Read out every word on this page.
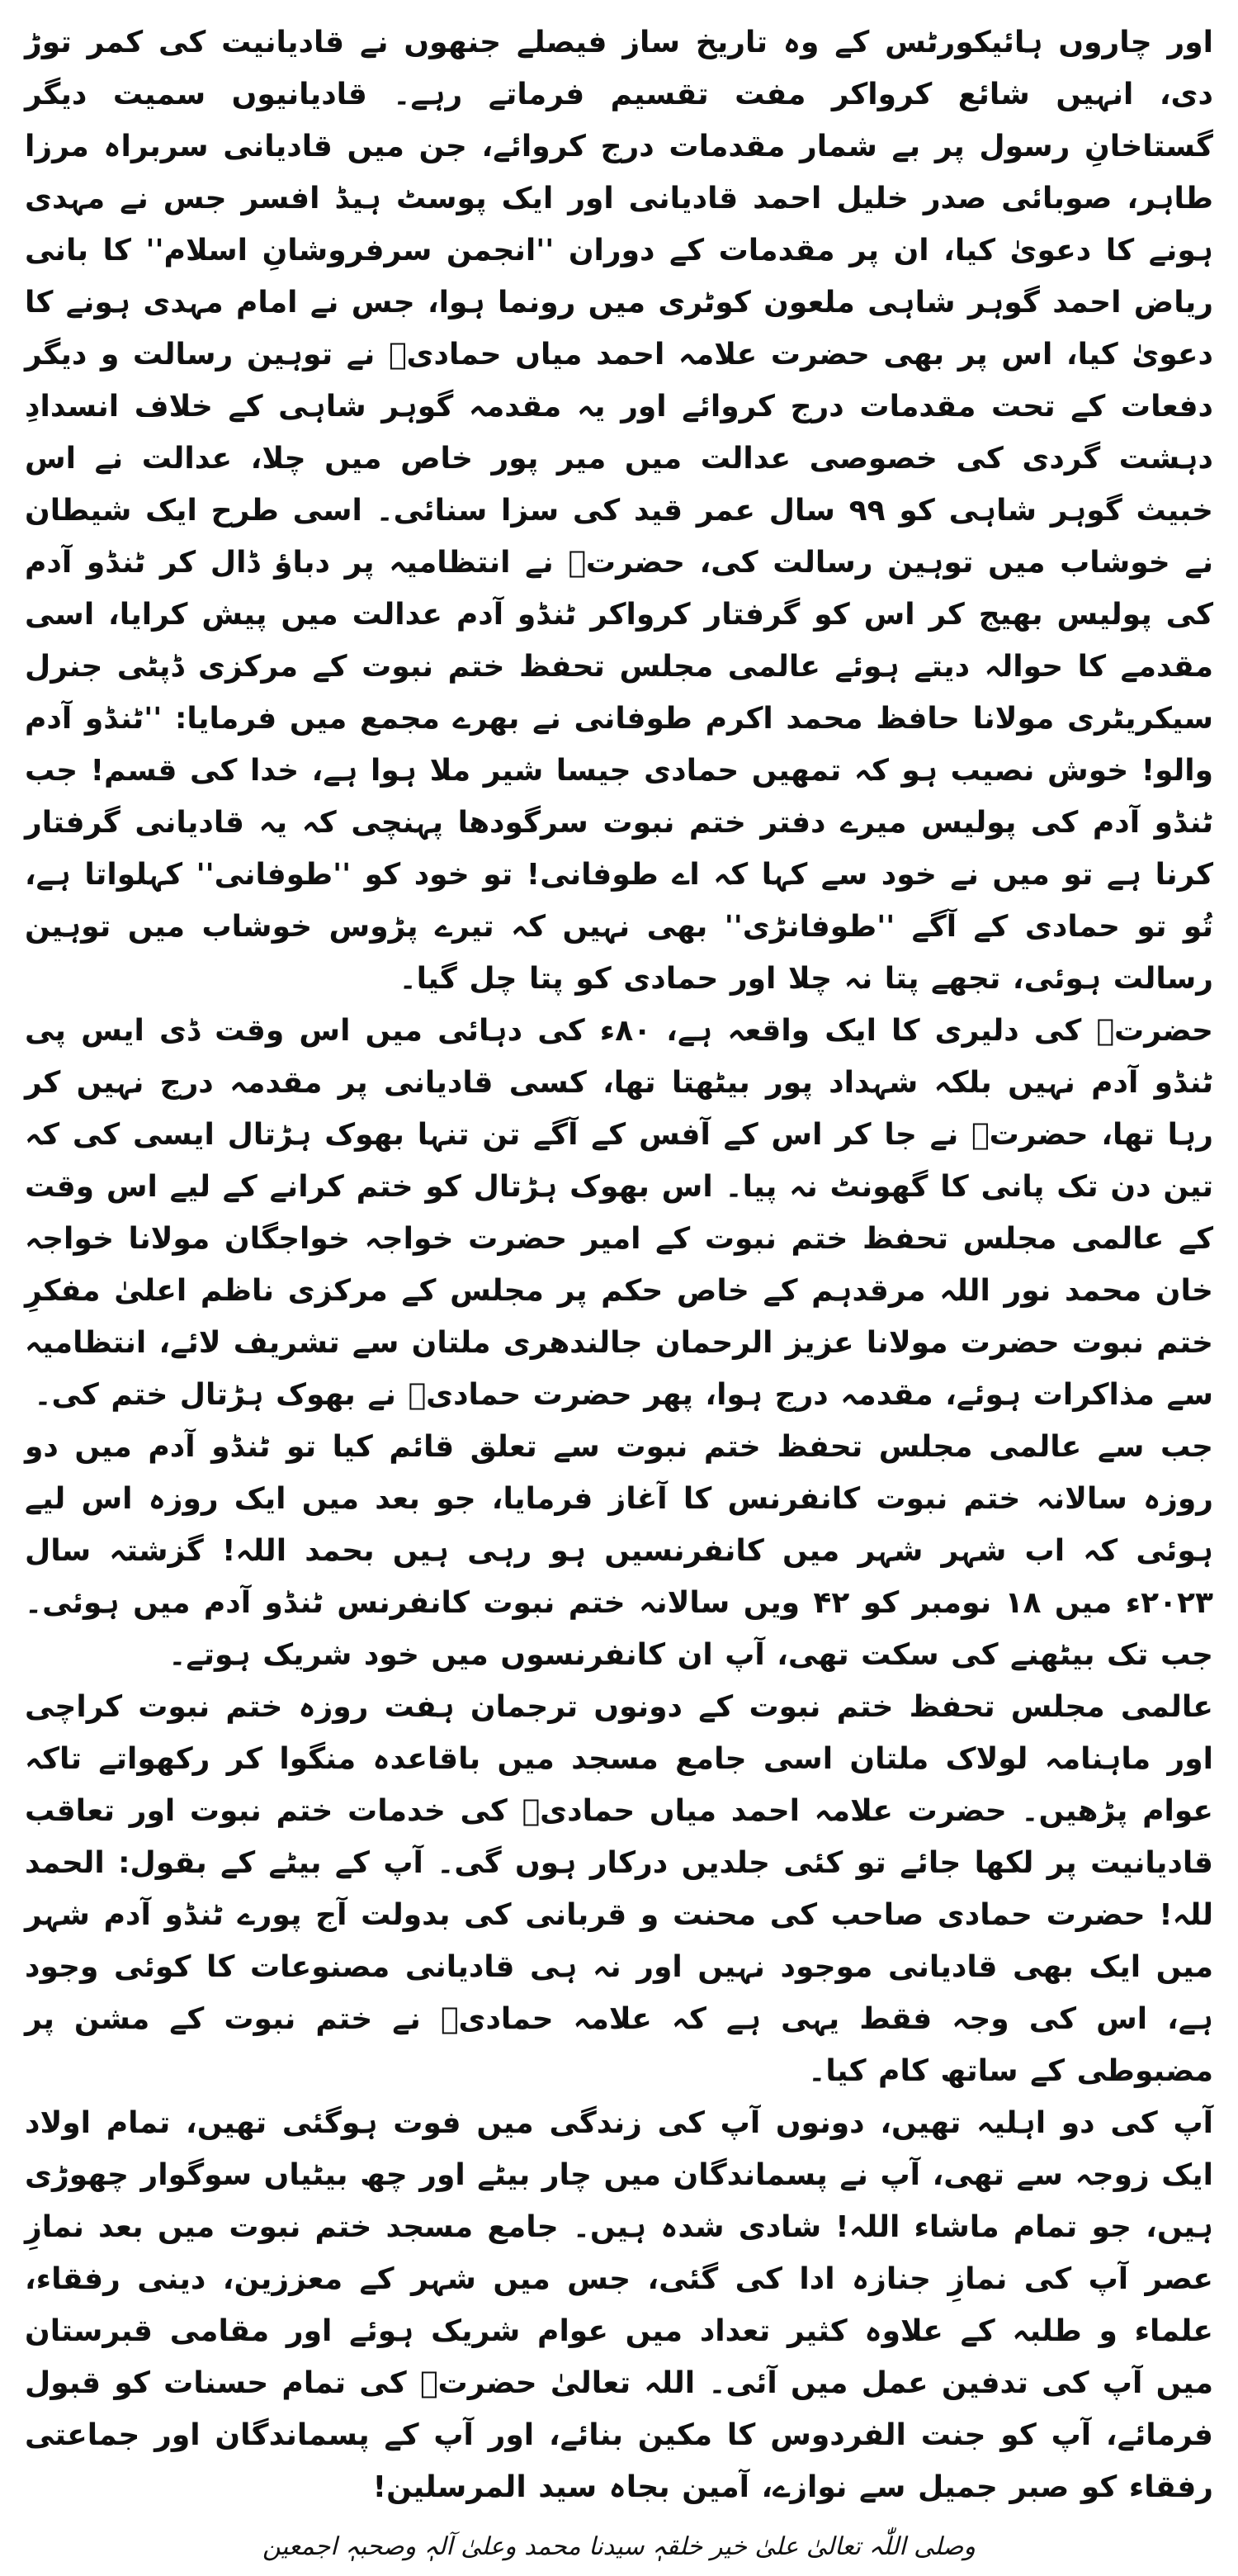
اور چاروں ہائیکورٹس کے وہ تاریخ ساز فیصلے جنھوں نے قادیانیت کی کمر توڑ دی، انہیں شائع کرواکر مفت تقسیم فرماتے رہے۔ قادیانیوں سمیت دیگر گستاخانِ رسول پر بے شمار مقدمات درج کروائے، جن میں قادیانی سربراہ مرزا طاہر، صوبائی صدر خلیل احمد قادیانی اور ایک پوسٹ ہیڈ افسر جس نے مہدی ہونے کا دعویٰ کیا، ان پر مقدمات کے دوران ''انجمن سرفروشانِ اسلام'' کا بانی ریاض احمد گوہر شاہی ملعون کوٹری میں رونما ہوا، جس نے امام مہدی ہونے کا دعویٰ کیا، اس پر بھی حضرت علامہ احمد میاں حمادیؒ نے توہین رسالت و دیگر دفعات کے تحت مقدمات درج کروائے اور یہ مقدمہ گوہر شاہی کے خلاف انسدادِ دہشت گردی کی خصوصی عدالت میں میر پور خاص میں چلا، عدالت نے اس خبیث گوہر شاہی کو ۹۹ سال عمر قید کی سزا سنائی۔ اسی طرح ایک شیطان نے خوشاب میں توہین رسالت کی، حضرتؒ نے انتظامیہ پر دباؤ ڈال کر ٹنڈو آدم کی پولیس بھیج کر اس کو گرفتار کرواکر ٹنڈو آدم عدالت میں پیش کرایا، اسی مقدمے کا حوالہ دیتے ہوئے عالمی مجلس تحفظ ختم نبوت کے مرکزی ڈپٹی جنرل سیکریٹری مولانا حافظ محمد اکرم طوفانی نے بھرے مجمع میں فرمایا: ''ٹنڈو آدم والو! خوش نصیب ہو کہ تمھیں حمادی جیسا شیر ملا ہوا ہے، خدا کی قسم! جب ٹنڈو آدم کی پولیس میرے دفتر ختم نبوت سرگودھا پہنچی کہ یہ قادیانی گرفتار کرنا ہے تو میں نے خود سے کہا کہ اے طوفانی! تو خود کو ''طوفانی'' کہلواتا ہے، تُو تو حمادی کے آگے ''طوفانڑی'' بھی نہیں کہ تیرے پڑوس خوشاب میں توہین رسالت ہوئی، تجھے پتا نہ چلا اور حمادی کو پتا چل گیا۔

حضرتؒ کی دلیری کا ایک واقعہ ہے، ۸۰ء کی دہائی میں اس وقت ڈی ایس پی ٹنڈو آدم نہیں بلکہ شہداد پور بیٹھتا تھا، کسی قادیانی پر مقدمہ درج نہیں کر رہا تھا، حضرتؒ نے جا کر اس کے آفس کے آگے تن تنہا بھوک ہڑتال ایسی کی کہ تین دن تک پانی کا گھونٹ نہ پیا۔ اس بھوک ہڑتال کو ختم کرانے کے لیے اس وقت کے عالمی مجلس تحفظ ختم نبوت کے امیر حضرت خواجہ خواجگان مولانا خواجہ خان محمد نور اللہ مرقدہم کے خاص حکم پر مجلس کے مرکزی ناظم اعلیٰ مفکرِ ختم نبوت حضرت مولانا عزیز الرحمان جالندھری ملتان سے تشریف لائے، انتظامیہ سے مذاکرات ہوئے، مقدمہ درج ہوا، پھر حضرت حمادیؒ نے بھوک ہڑتال ختم کی۔

جب سے عالمی مجلس تحفظ ختم نبوت سے تعلق قائم کیا تو ٹنڈو آدم میں دو روزہ سالانہ ختم نبوت کانفرنس کا آغاز فرمایا، جو بعد میں ایک روزہ اس لیے ہوئی کہ اب شہر شہر میں کانفرنسیں ہو رہی ہیں بحمد اللہ! گزشتہ سال ۲۰۲۳ء میں ۱۸ نومبر کو ۴۲ ویں سالانہ ختم نبوت کانفرنس ٹنڈو آدم میں ہوئی۔ جب تک بیٹھنے کی سکت تھی، آپ ان کانفرنسوں میں خود شریک ہوتے۔

عالمی مجلس تحفظ ختم نبوت کے دونوں ترجمان ہفت روزہ ختم نبوت کراچی اور ماہنامہ لولاک ملتان اسی جامع مسجد میں باقاعدہ منگوا کر رکھواتے تاکہ عوام پڑھیں۔ حضرت علامہ احمد میاں حمادیؒ کی خدمات ختم نبوت اور تعاقب قادیانیت پر لکھا جائے تو کئی جلدیں درکار ہوں گی۔ آپ کے بیٹے کے بقول: الحمد للہ! حضرت حمادی صاحب کی محنت و قربانی کی بدولت آج پورے ٹنڈو آدم شہر میں ایک بھی قادیانی موجود نہیں اور نہ ہی قادیانی مصنوعات کا کوئی وجود ہے، اس کی وجہ فقط یہی ہے کہ علامہ حمادیؒ نے ختم نبوت کے مشن پر مضبوطی کے ساتھ کام کیا۔

آپ کی دو اہلیہ تھیں، دونوں آپ کی زندگی میں فوت ہوگئی تھیں، تمام اولاد ایک زوجہ سے تھی، آپ نے پسماندگان میں چار بیٹے اور چھ بیٹیاں سوگوار چھوڑی ہیں، جو تمام ماشاء اللہ! شادی شدہ ہیں۔ جامع مسجد ختم نبوت میں بعد نمازِ عصر آپ کی نمازِ جنازہ ادا کی گئی، جس میں شہر کے معززین، دینی رفقاء، علماء و طلبہ کے علاوہ کثیر تعداد میں عوام شریک ہوئے اور مقامی قبرستان میں آپ کی تدفین عمل میں آئی۔ اللہ تعالیٰ حضرتؒ کی تمام حسنات کو قبول فرمائے، آپ کو جنت الفردوس کا مکین بنائے، اور آپ کے پسماندگان اور جماعتی رفقاء کو صبر جمیل سے نوازے، آمین بجاہ سید المرسلین!

وصلی اللّٰہ تعالیٰ علیٰ خیر خلقہٖ سیدنا محمد وعلیٰ آلہٖ وصحبہٖ اجمعین
